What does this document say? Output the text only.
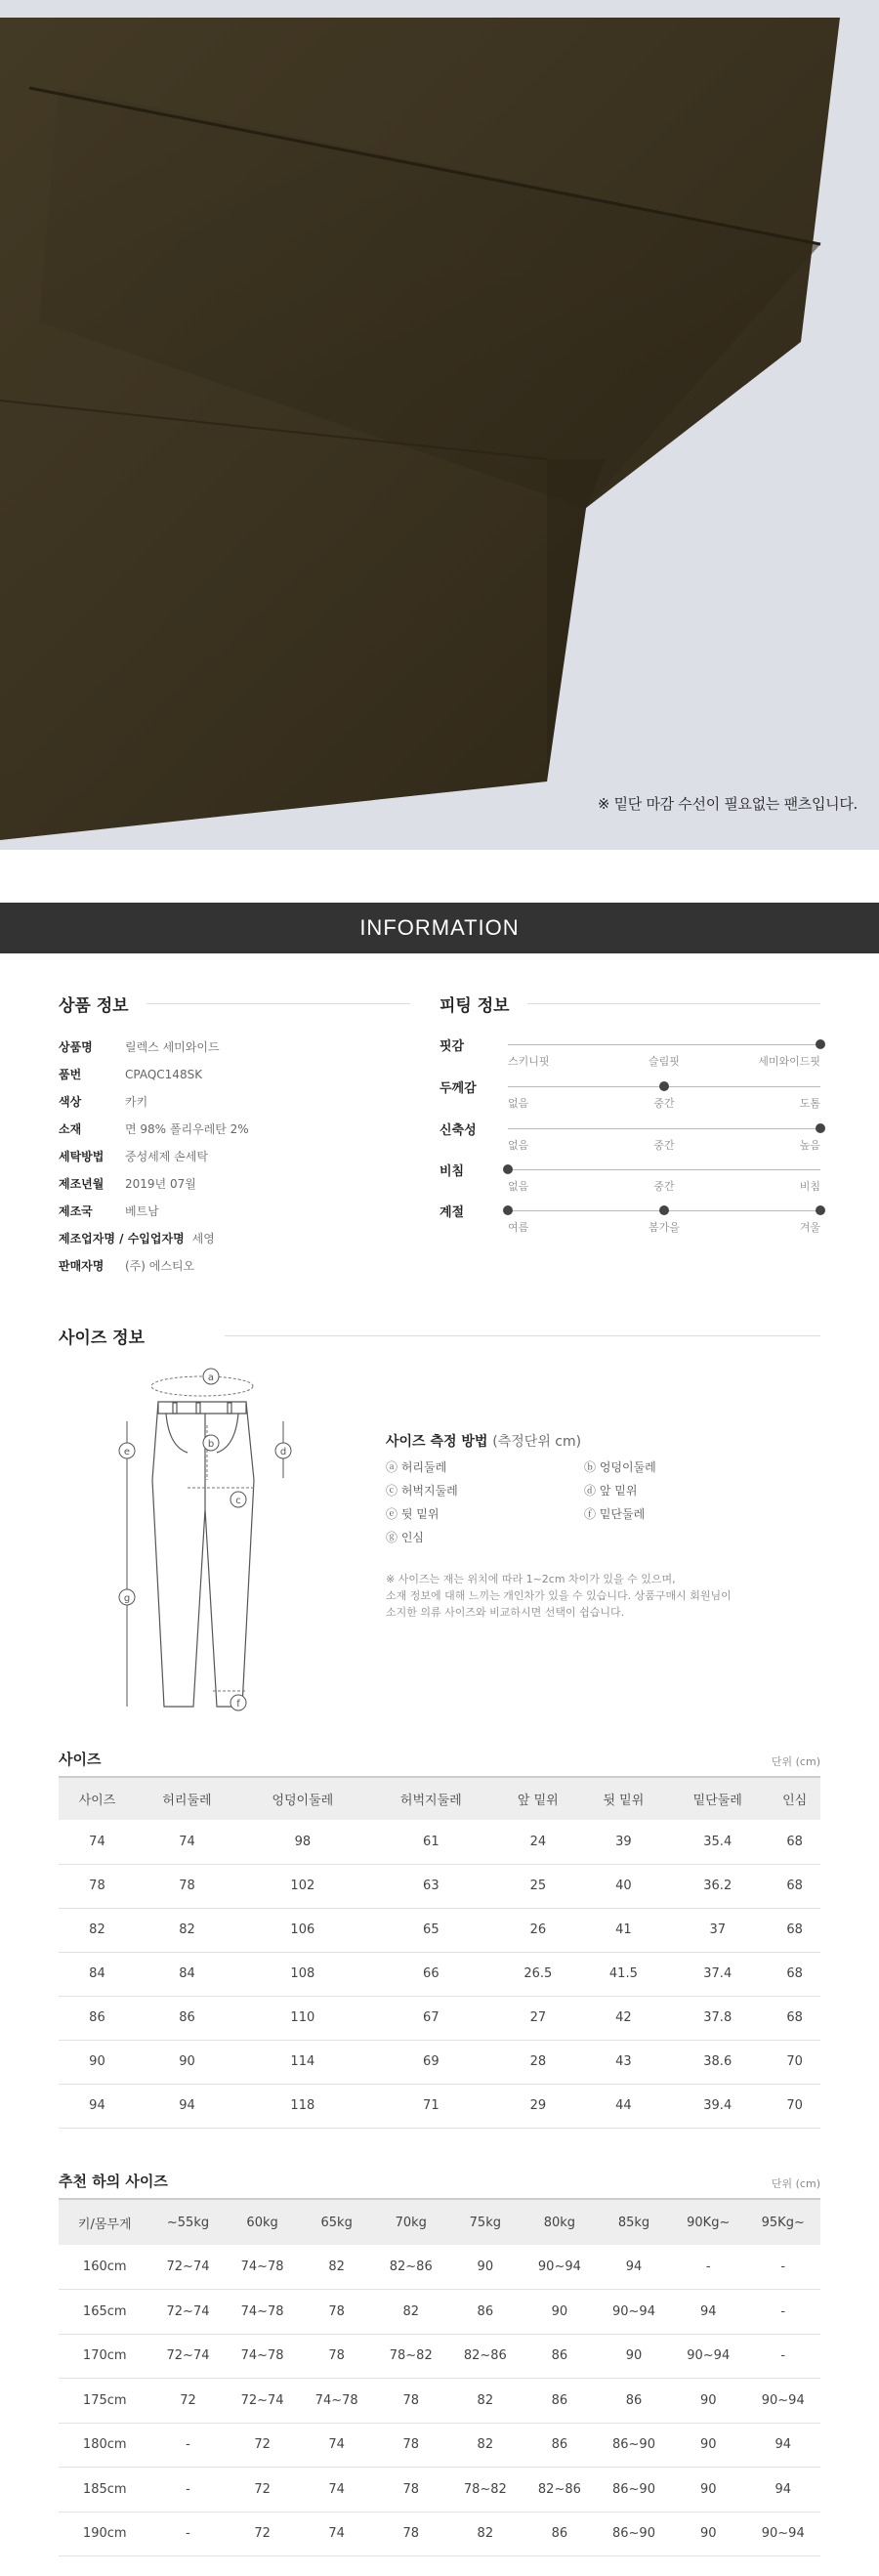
※ 밑단 마감 수선이 필요없는 팬츠입니다.
INFORMATION
상품 정보
상품명	릴렉스 세미와이드
품번	CPAQC148SK
색상	카키
소재	면 98% 폴리우레탄 2%
세탁방법 중성세제 손세탁
제조년월 2019년 07월
제조국	베트남
제조업자명 / 수입업자명 세영
판매자명 (주) 에스티오
피팅 정보
핏감
스키니핏	슬림핏	세미와이드핏
두께감
없음	중간	도톰
신축성
없음	중간	높음
비침
없음	중간	비침
계절
여름	봄가을	겨울
사이즈 정보
a
b
c
d
e
f
g
사이즈 측정 방법 (측정단위 cm)
ⓐ 허리둘레	ⓑ 엉덩이둘레
ⓒ 허벅지둘레	ⓓ 앞 밑위
ⓔ 뒷 밑위	ⓕ 밑단둘레
ⓖ 인심
※ 사이즈는 재는 위치에 따라 1~2cm 차이가 있을 수 있으며,
소재 정보에 대해 느끼는 개인차가 있을 수 있습니다. 상품구매시 회원님이
소지한 의류 사이즈와 비교하시면 선택이 쉽습니다.
사이즈	단위 (cm)
사이즈	허리둘레	엉덩이둘레	허벅지둘레	앞 밑위	뒷 밑위	밑단둘레	인심
74	74	98	61	24	39	35.4	68
78	78	102	63	25	40	36.2	68
82	82	106	65	26	41	37	68
84	84	108	66	26.5	41.5	37.4	68
86	86	110	67	27	42	37.8	68
90	90	114	69	28	43	38.6	70
94	94	118	71	29	44	39.4	70
추천 하의 사이즈	단위 (cm)
키/몸무게	~55kg	60kg	65kg	70kg	75kg	80kg	85kg	90Kg~	95Kg~
160cm	72~74	74~78	82	82~86	90	90~94	94	-	-
165cm	72~74	74~78	78	82	86	90	90~94	94	-
170cm	72~74	74~78	78	78~82	82~86	86	90	90~94	-
175cm	72	72~74	74~78	78	82	86	86	90	90~94
180cm	-	72	74	78	82	86	86~90	90	94
185cm	-	72	74	78	78~82	82~86	86~90	90	94
190cm	-	72	74	78	82	86	86~90	90	90~94
